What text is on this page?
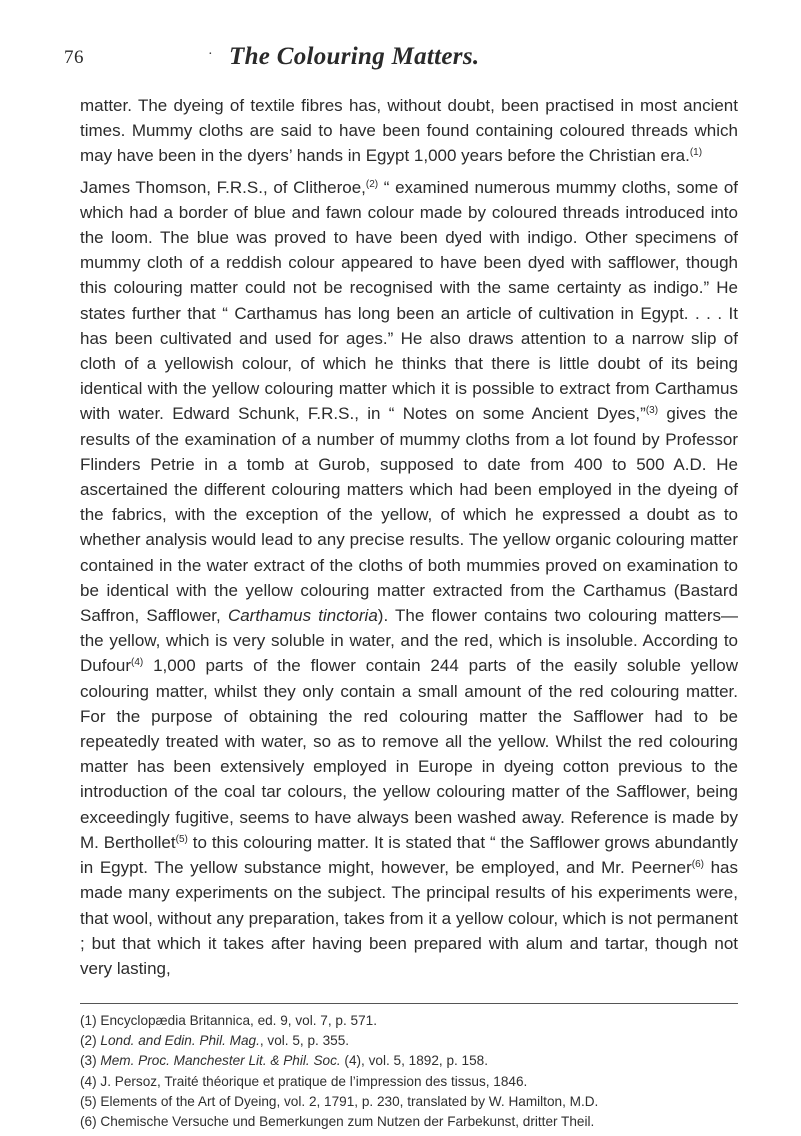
76	· The Colouring Matters.

matter. The dyeing of textile fibres has, without doubt, been practised in most ancient times. Mummy cloths are said to have been found containing coloured threads which may have been in the dyers’ hands in Egypt 1,000 years before the Christian era.$^{(1)}$

James Thomson, F.R.S., of Clitheroe,$^{(2)}$ “ examined numerous mummy cloths, some of which had a border of blue and fawn colour made by coloured threads introduced into the loom. The blue was proved to have been dyed with indigo. Other specimens of mummy cloth of a reddish colour appeared to have been dyed with safflower, though this colouring matter could not be recognised with the same certainty as indigo.” He states further that “ Carthamus has long been an article of cultivation in Egypt. . . . It has been cultivated and used for ages.” He also draws attention to a narrow slip of cloth of a yellowish colour, of which he thinks that there is little doubt of its being identical with the yellow colouring matter which it is possible to extract from Carthamus with water. Edward Schunk, F.R.S., in “ Notes on some Ancient Dyes,”$^{(3)}$ gives the results of the examination of a number of mummy cloths from a lot found by Professor Flinders Petrie in a tomb at Gurob, supposed to date from 400 to 500 A.D. He ascertained the different colouring matters which had been employed in the dyeing of the fabrics, with the exception of the yellow, of which he expressed a doubt as to whether analysis would lead to any precise results. The yellow organic colouring matter contained in the water extract of the cloths of both mummies proved on examination to be identical with the yellow colouring matter extracted from the Carthamus (Bastard Saffron, Safflower, Carthamus tinctoria). The flower contains two colouring matters—the yellow, which is very soluble in water, and the red, which is insoluble. According to Dufour$^{(4)}$ 1,000 parts of the flower contain 244 parts of the easily soluble yellow colouring matter, whilst they only contain a small amount of the red colouring matter. For the purpose of obtaining the red colouring matter the Safflower had to be repeatedly treated with water, so as to remove all the yellow. Whilst the red colouring matter has been extensively employed in Europe in dyeing cotton previous to the introduction of the coal tar colours, the yellow colouring matter of the Safflower, being exceedingly fugitive, seems to have always been washed away. Reference is made by M. Berthollet$^{(5)}$ to this colouring matter. It is stated that “ the Safflower grows abundantly in Egypt. The yellow substance might, however, be employed, and Mr. Peerner$^{(6)}$ has made many experiments on the subject. The principal results of his experiments were, that wool, without any preparation, takes from it a yellow colour, which is not permanent ; but that which it takes after having been prepared with alum and tartar, though not very lasting,

(1) Encyclopædia Britannica, ed. 9, vol. 7, p. 571.
(2) Lond. and Edin. Phil. Mag., vol. 5, p. 355.
(3) Mem. Proc. Manchester Lit. & Phil. Soc. (4), vol. 5, 1892, p. 158.
(4) J. Persoz, Traité théorique et pratique de l’impression des tissus, 1846.
(5) Elements of the Art of Dyeing, vol. 2, 1791, p. 230, translated by W. Hamilton, M.D.
(6) Chemische Versuche und Bemerkungen zum Nutzen der Farbekunst, dritter Theil.
